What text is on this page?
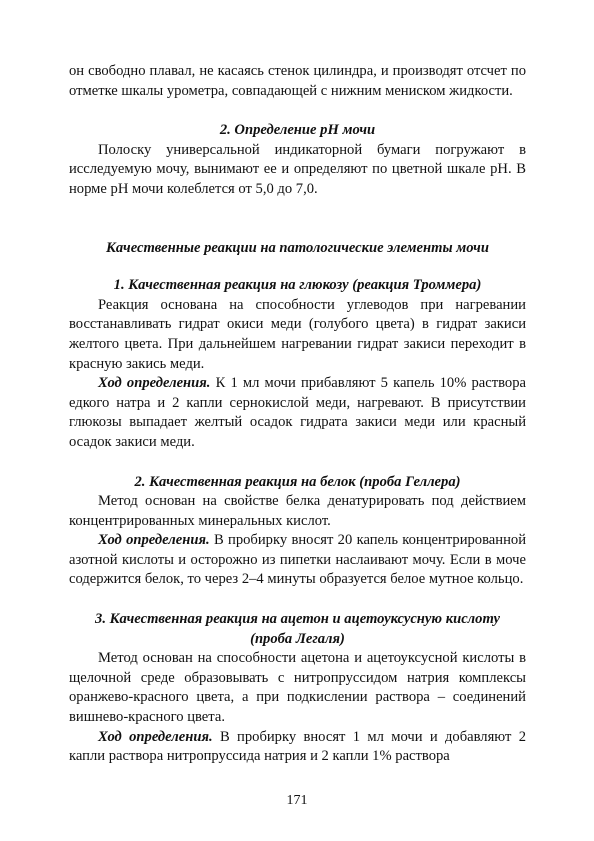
он свободно плавал, не касаясь стенок цилиндра, и производят отсчет по отметке шкалы урометра, совпадающей с нижним мениском жидкости.

2. Определение рН мочи

Полоску универсальной индикаторной бумаги погружают в исследуемую мочу, вынимают ее и определяют по цветной шкале рН. В норме рН мочи колеблется от 5,0 до 7,0.

Качественные реакции на патологические элементы мочи
1. Качественная реакция на глюкозу (реакция Троммера)

Реакция основана на способности углеводов при нагревании восстанавливать гидрат окиси меди (голубого цвета) в гидрат закиси желтого цвета. При дальнейшем нагревании гидрат закиси переходит в красную закись меди.

Ход определения. К 1 мл мочи прибавляют 5 капель 10% раствора едкого натра и 2 капли сернокислой меди, нагревают. В присутствии глюкозы выпадает желтый осадок гидрата закиси меди или красный осадок закиси меди.

2. Качественная реакция на белок (проба Геллера)

Метод основан на свойстве белка денатурировать под действием концентрированных минеральных кислот.

Ход определения. В пробирку вносят 20 капель концентрированной азотной кислоты и осторожно из пипетки наслаивают мочу. Если в моче содержится белок, то через 2–4 минуты образуется белое мутное кольцо.

3. Качественная реакция на ацетон и ацетоуксусную кислоту
(проба Легаля)

Метод основан на способности ацетона и ацетоуксусной кислоты в щелочной среде образовывать с нитропруссидом натрия комплексы оранжево-красного цвета, а при подкислении раствора – соединений вишнево-красного цвета.

Ход определения. В пробирку вносят 1 мл мочи и добавляют 2 капли раствора нитропруссида натрия и 2 капли 1% раствора

171
